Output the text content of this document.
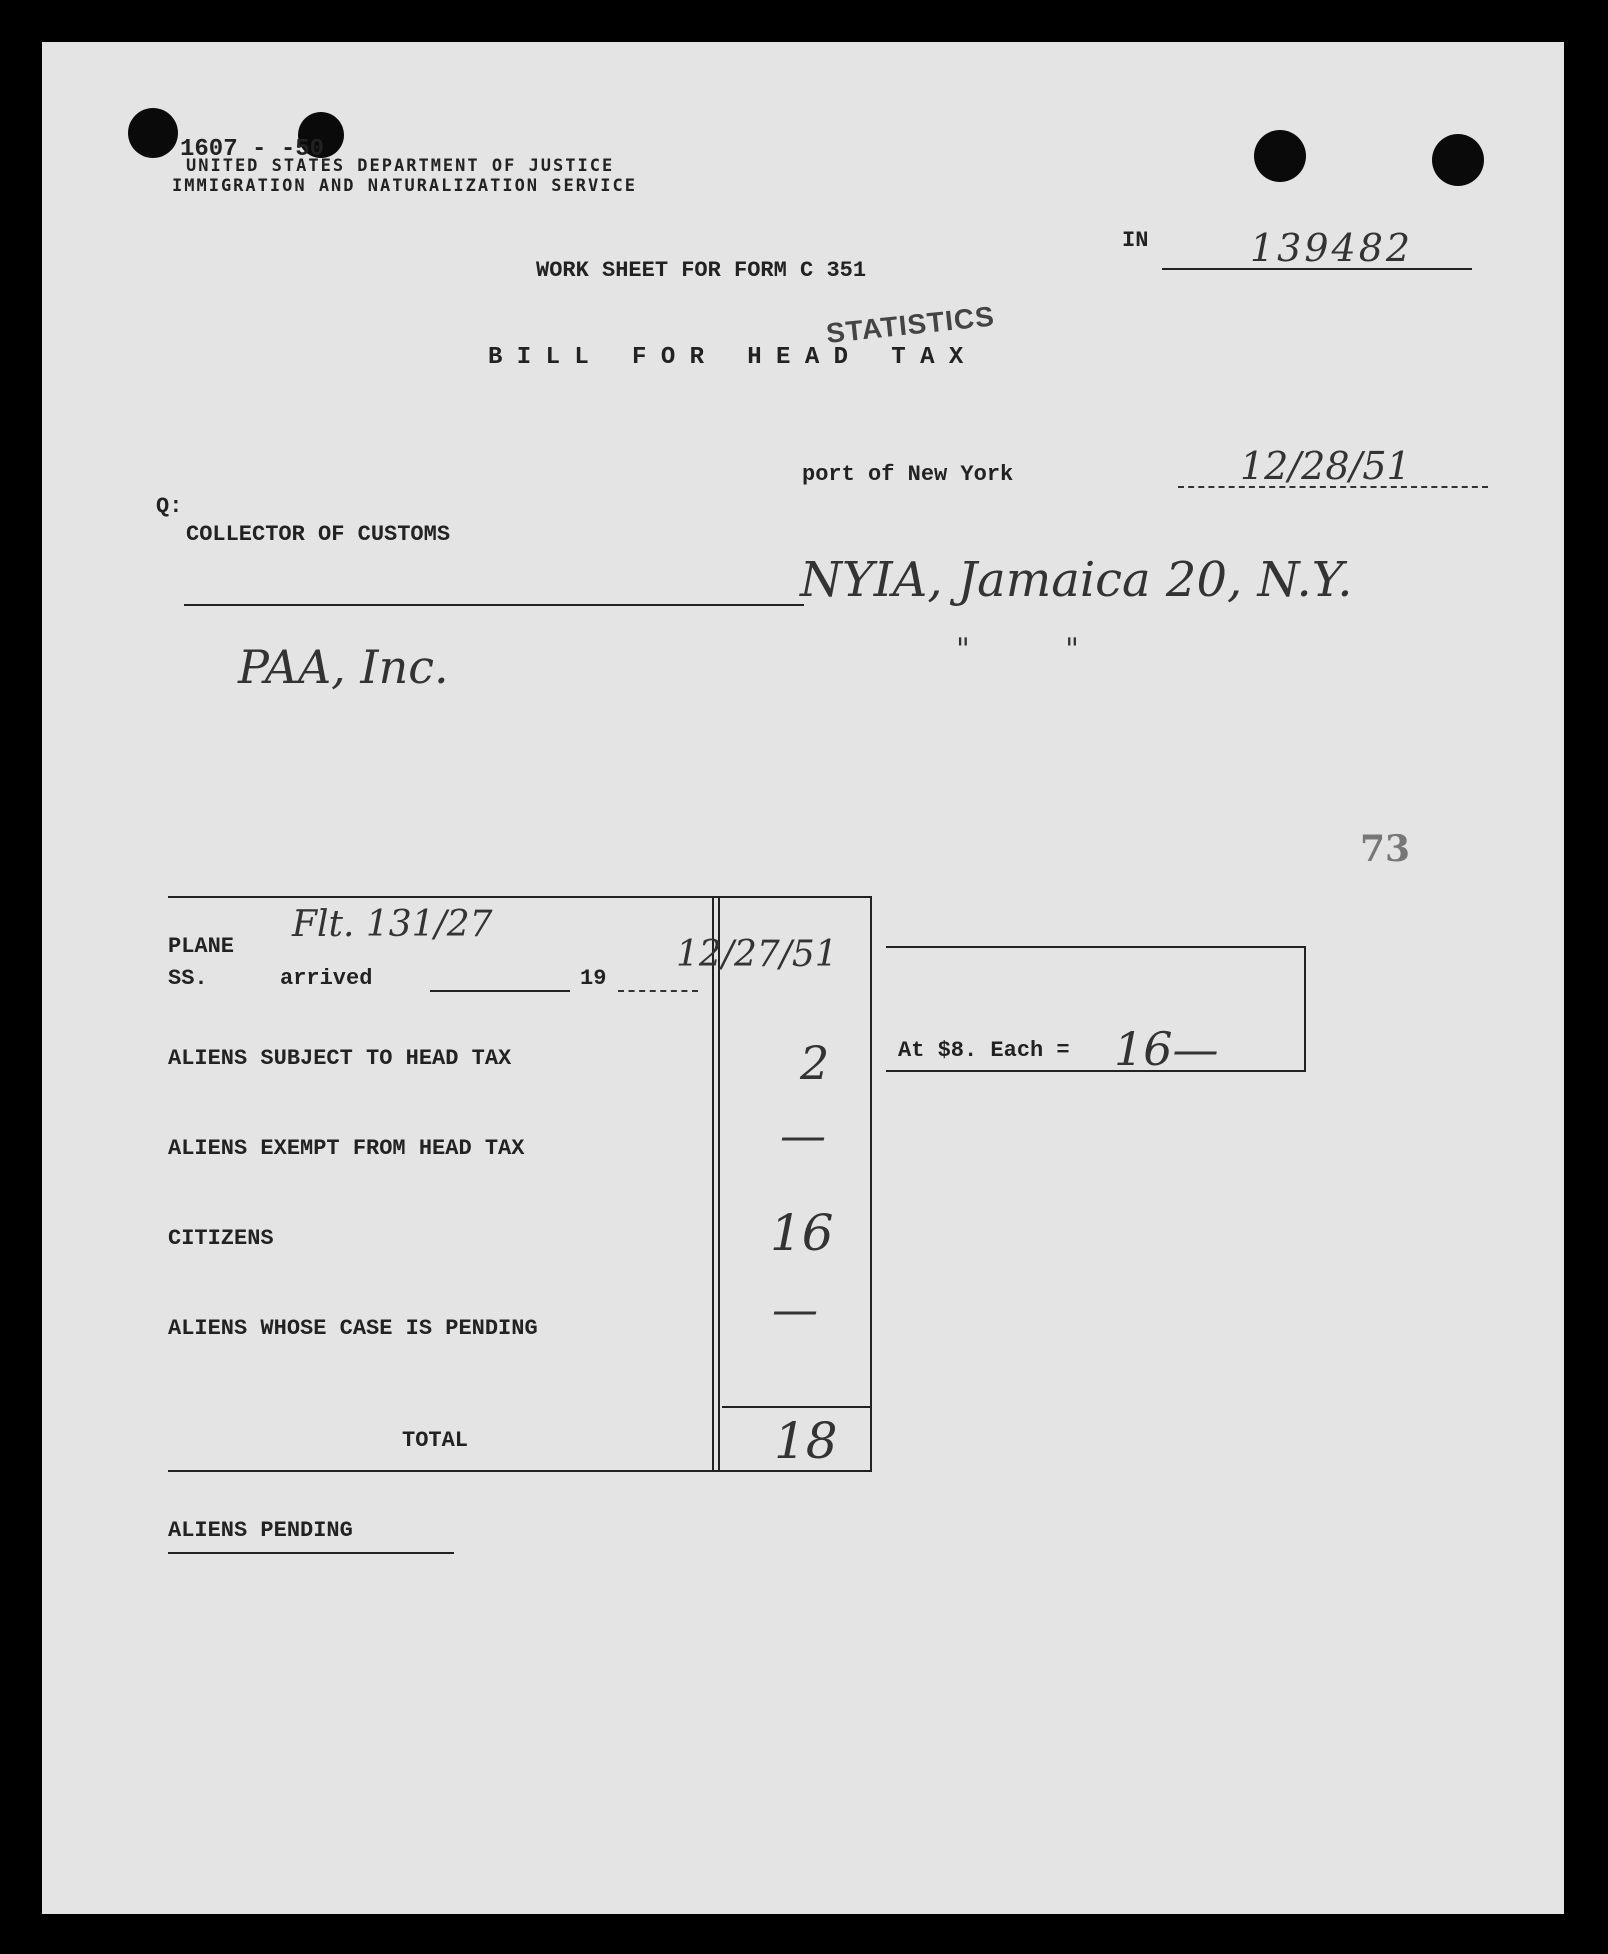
1607 - -50
UNITED STATES DEPARTMENT OF JUSTICE
IMMIGRATION AND NATURALIZATION SERVICE
IN	139482
WORK SHEET FOR FORM C 351
STATISTICS
B I L L   F O R   H E A D   T A X
port of New York	12/28/51
Q:
COLLECTOR OF CUSTOMS
NYIA, Jamaica 20, N.Y.
PAA, Inc.	"          "
73
PLANE
SS.	arrived	19
Flt. 131/27
12/27/51
ALIENS SUBJECT TO HEAD TAX	2
ALIENS EXEMPT FROM HEAD TAX	—
CITIZENS	16
ALIENS WHOSE CASE IS PENDING	—
TOTAL	18
At $8. Each = 16—
ALIENS PENDING
